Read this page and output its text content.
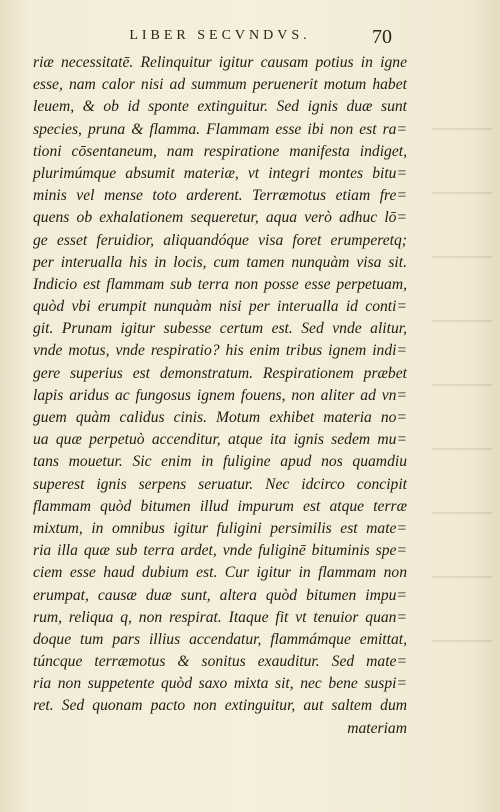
LIBER SECVNDVS.	70
riæ necessitatē. Relinquitur igitur causam potius in igne
esse, nam calor nisi ad summum peruenerit motum habet
leuem, & ob id sponte extinguitur. Sed ignis duæ sunt
species, pruna & flamma. Flammam esse ibi non est ra=
tioni cōsentaneum, nam respiratione manifesta indiget,
plurimúmque absumit materiæ, vt integri montes bitu=
minis vel mense toto arderent. Terræmotus etiam fre=
quens ob exhalationem sequeretur, aqua verò adhuc lō=
ge esset feruidior, aliquandóque visa foret erumperetq;
per interualla his in locis, cum tamen nunquàm visa sit.
Indicio est flammam sub terra non posse esse perpetuam,
quòd vbi erumpit nunquàm nisi per interualla id conti=
git. Prunam igitur subesse certum est. Sed vnde alitur,
vnde motus, vnde respiratio? his enim tribus ignem indi=
gere superius est demonstratum. Respirationem præbet
lapis aridus ac fungosus ignem fouens, non aliter ad vn=
guem quàm calidus cinis. Motum exhibet materia no=
ua quæ perpetuò accenditur, atque ita ignis sedem mu=
tans mouetur. Sic enim in fuligine apud nos quamdiu
superest ignis serpens seruatur. Nec idcirco concipit
flammam quòd bitumen illud impurum est atque terræ
mixtum, in omnibus igitur fuligini persimilis est mate=
ria illa quæ sub terra ardet, vnde fuliginē bituminis spe=
ciem esse haud dubium est. Cur igitur in flammam non
erumpat, causæ duæ sunt, altera quòd bitumen impu=
rum, reliqua q, non respirat. Itaque fit vt tenuior quan=
doque tum pars illius accendatur, flammámque emittat,
túncque terræmotus & sonitus exauditur. Sed mate=
ria non suppetente quòd saxo mixta sit, nec bene suspi=
ret. Sed quonam pacto non extinguitur, aut saltem dum
materiam
